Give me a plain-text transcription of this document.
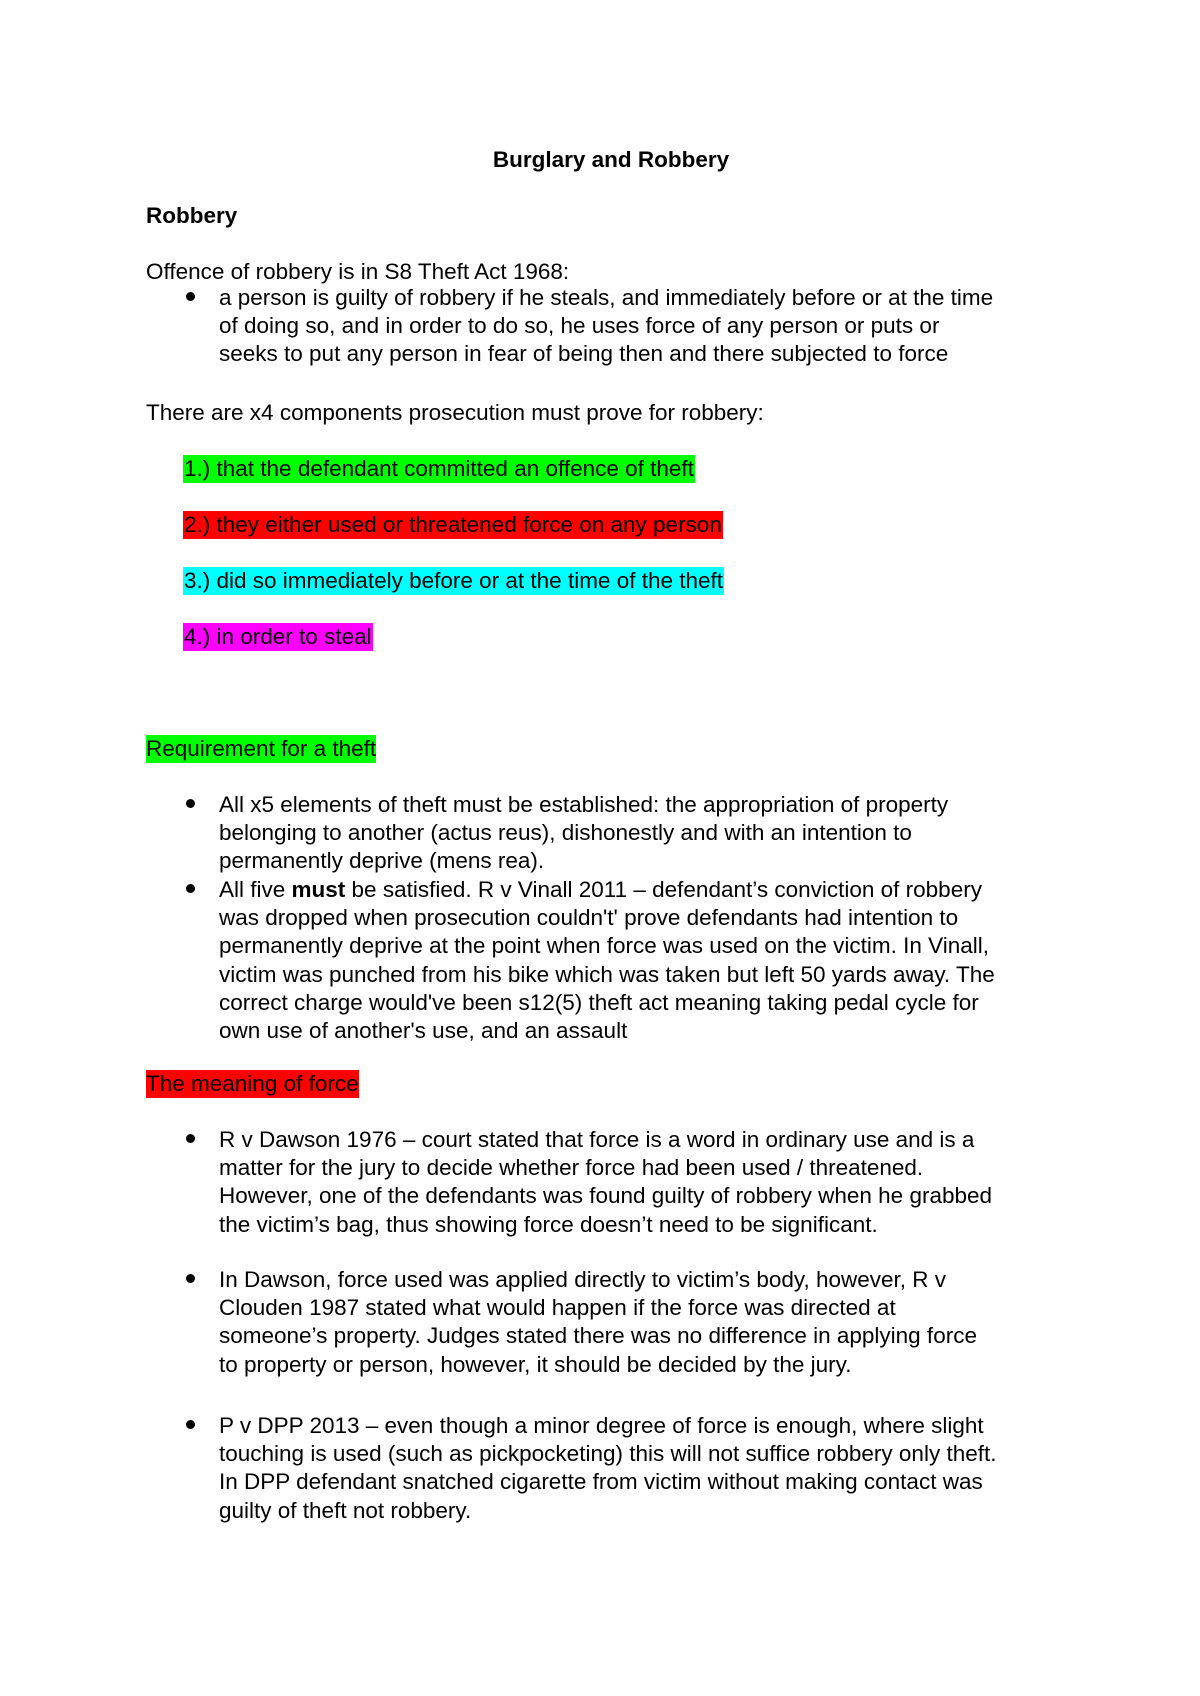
Burglary and Robbery
Robbery
Offence of robbery is in S8 Theft Act 1968:
a person is guilty of robbery if he steals, and immediately before or at the time
of doing so, and in order to do so, he uses force of any person or puts or
seeks to put any person in fear of being then and there subjected to force
There are x4 components prosecution must prove for robbery:
1.) that the defendant committed an offence of theft
2.) they either used or threatened force on any person
3.) did so immediately before or at the time of the theft
4.) in order to steal
Requirement for a theft
All x5 elements of theft must be established: the appropriation of property
belonging to another (actus reus), dishonestly and with an intention to
permanently deprive (mens rea).
All five must be satisfied. R v Vinall 2011 – defendant’s conviction of robbery
was dropped when prosecution couldn't' prove defendants had intention to
permanently deprive at the point when force was used on the victim. In Vinall,
victim was punched from his bike which was taken but left 50 yards away. The
correct charge would've been s12(5) theft act meaning taking pedal cycle for
own use of another's use, and an assault
The meaning of force
R v Dawson 1976 – court stated that force is a word in ordinary use and is a
matter for the jury to decide whether force had been used / threatened.
However, one of the defendants was found guilty of robbery when he grabbed
the victim’s bag, thus showing force doesn’t need to be significant.
In Dawson, force used was applied directly to victim’s body, however, R v
Clouden 1987 stated what would happen if the force was directed at
someone’s property. Judges stated there was no difference in applying force
to property or person, however, it should be decided by the jury.
P v DPP 2013 – even though a minor degree of force is enough, where slight
touching is used (such as pickpocketing) this will not suffice robbery only theft.
In DPP defendant snatched cigarette from victim without making contact was
guilty of theft not robbery.
